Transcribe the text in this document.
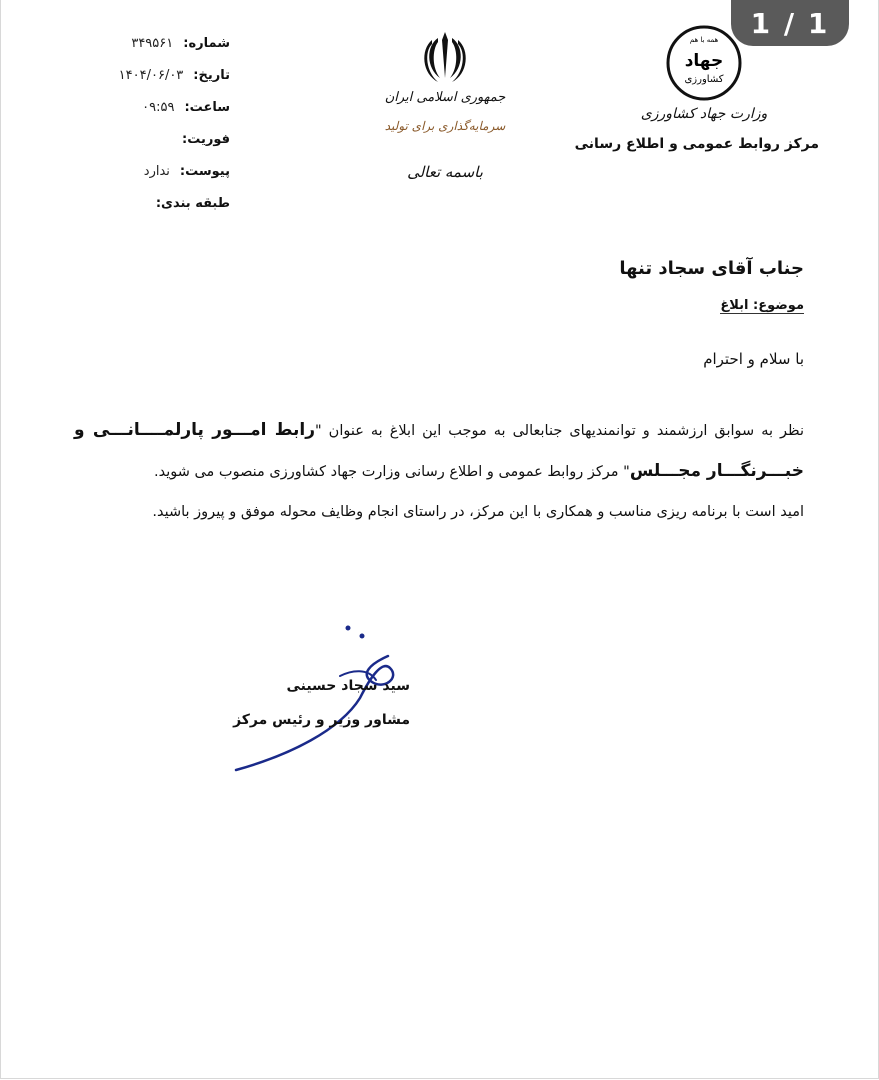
1 / 1
همه با هم
جهاد
کشاورزی
وزارت جهاد کشاورزی
مرکز روابط عمومی و اطلاع رسانی
جمهوری اسلامی ایران
سرمایه‌گذاری برای تولید
باسمه تعالی
شماره:
۳۴۹۵۶۱
تاریخ:
۱۴۰۴/۰۶/۰۳
ساعت:
۰۹:۵۹
فوریت:
پیوست:
ندارد
طبقه بندی:
جناب آقای سجاد تنها
موضوع: ابلاغ
با سلام و احترام
نظر به سوابق ارزشمند و توانمندیهای جنابعالی به موجب این ابلاغ به عنوان "رابط امـــور پارلمــــانـــی و خبـــرنگـــار مجـــلس" مرکز روابط عمومی و اطلاع رسانی وزارت جهاد کشاورزی منصوب می شوید.
امید است با برنامه ریزی مناسب و همکاری با این مرکز، در راستای انجام وظایف محوله موفق و پیروز باشید.
سید سجاد حسینی
مشاور وزیر و رئیس مرکز
